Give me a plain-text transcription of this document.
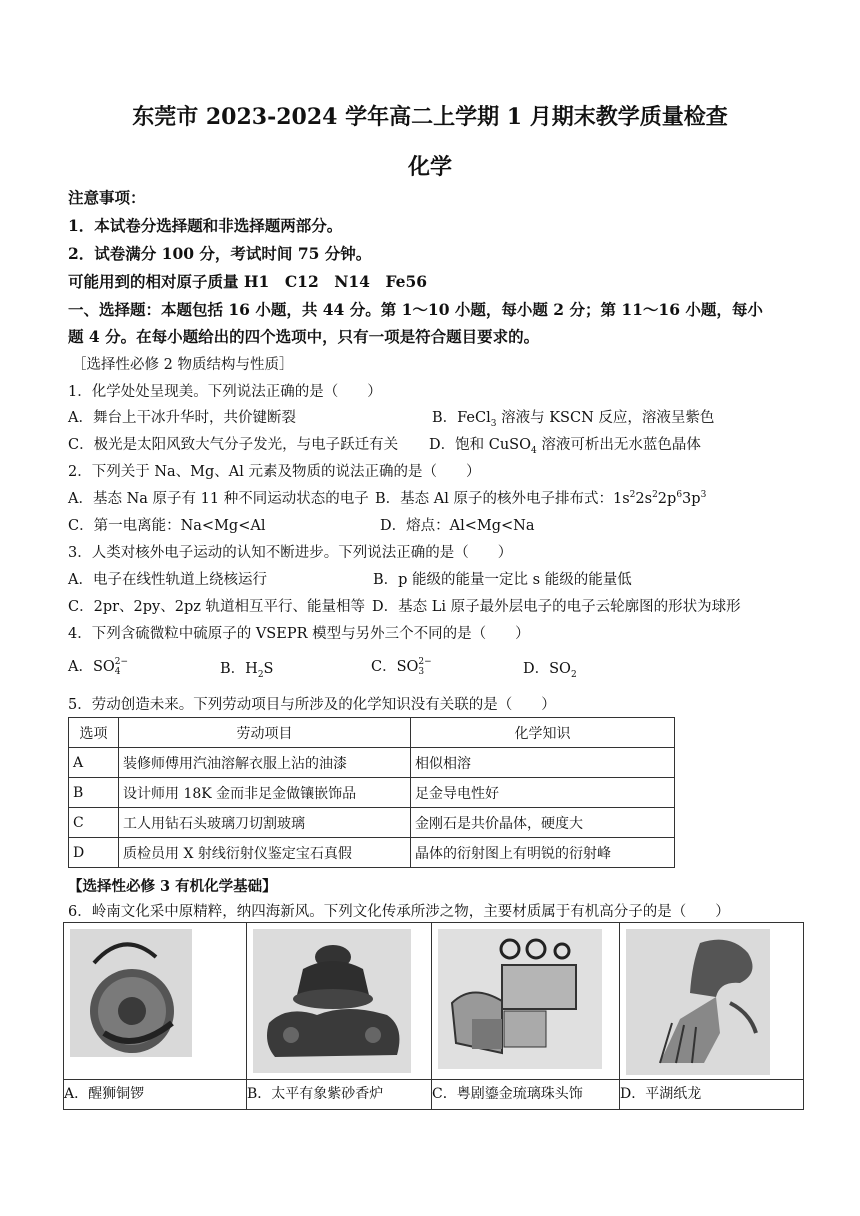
东莞市 2023-2024 学年高二上学期 1 月期末教学质量检查
化学
注意事项：
1．本试卷分选择题和非选择题两部分。
2．试卷满分 100 分，考试时间 75 分钟。
可能用到的相对原子质量 H1　C12　N14　Fe56
一、选择题：本题包括 16 小题，共 44 分。第 1～10 小题，每小题 2 分；第 11～16 小题，每小
题 4 分。在每小题给出的四个选项中，只有一项是符合题目要求的。
［选择性必修 2 物质结构与性质］
1．化学处处呈现美。下列说法正确的是（　　）
A．舞台上干冰升华时，共价键断裂	B．FeCl$_3$ 溶液与 KSCN 反应，溶液呈紫色
C．极光是太阳风致大气分子发光，与电子跃迁有关 D．饱和 CuSO$_4$ 溶液可析出无水蓝色晶体
2．下列关于 Na、Mg、Al 元素及物质的说法正确的是（　　）
A．基态 Na 原子有 11 种不同运动状态的电子 B．基态 Al 原子的核外电子排布式：$1s^22s^22p^63p^3$
C．第一电离能：Na<Mg<Al	D．熔点：Al<Mg<Na
3．人类对核外电子运动的认知不断进步。下列说法正确的是（　　）
A．电子在线性轨道上绕核运行	B．p 能级的能量一定比 s 能级的能量低
C．2pr、2py、2pz 轨道相互平行、能量相等 D．基态 Li 原子最外层电子的电子云轮廓图的形状为球形
4．下列含硫微粒中硫原子的 VSEPR 模型与另外三个不同的是（　　）
A．SO 2−
4	B．$H_2S$	C．SO 2−
3	D．$SO_2$
5．劳动创造未来。下列劳动项目与所涉及的化学知识没有关联的是（　　）
选项	劳动项目	化学知识
A	装修师傅用汽油溶解衣服上沾的油漆	相似相溶
B	设计师用 18K 金而非足金做镶嵌饰品	足金导电性好
C	工人用钻石头玻璃刀切割玻璃	金刚石是共价晶体，硬度大
D	质检员用 X 射线衍射仪鉴定宝石真假	晶体的衍射图上有明锐的衍射峰
【选择性必修 3 有机化学基础】
6．岭南文化采中原精粹，纳四海新风。下列文化传承所涉之物，主要材质属于有机高分子的是（　　）

A．醒狮铜锣	B．太平有象紫砂香炉	C．粤剧鎏金琉璃珠头饰	D．平湖纸龙
